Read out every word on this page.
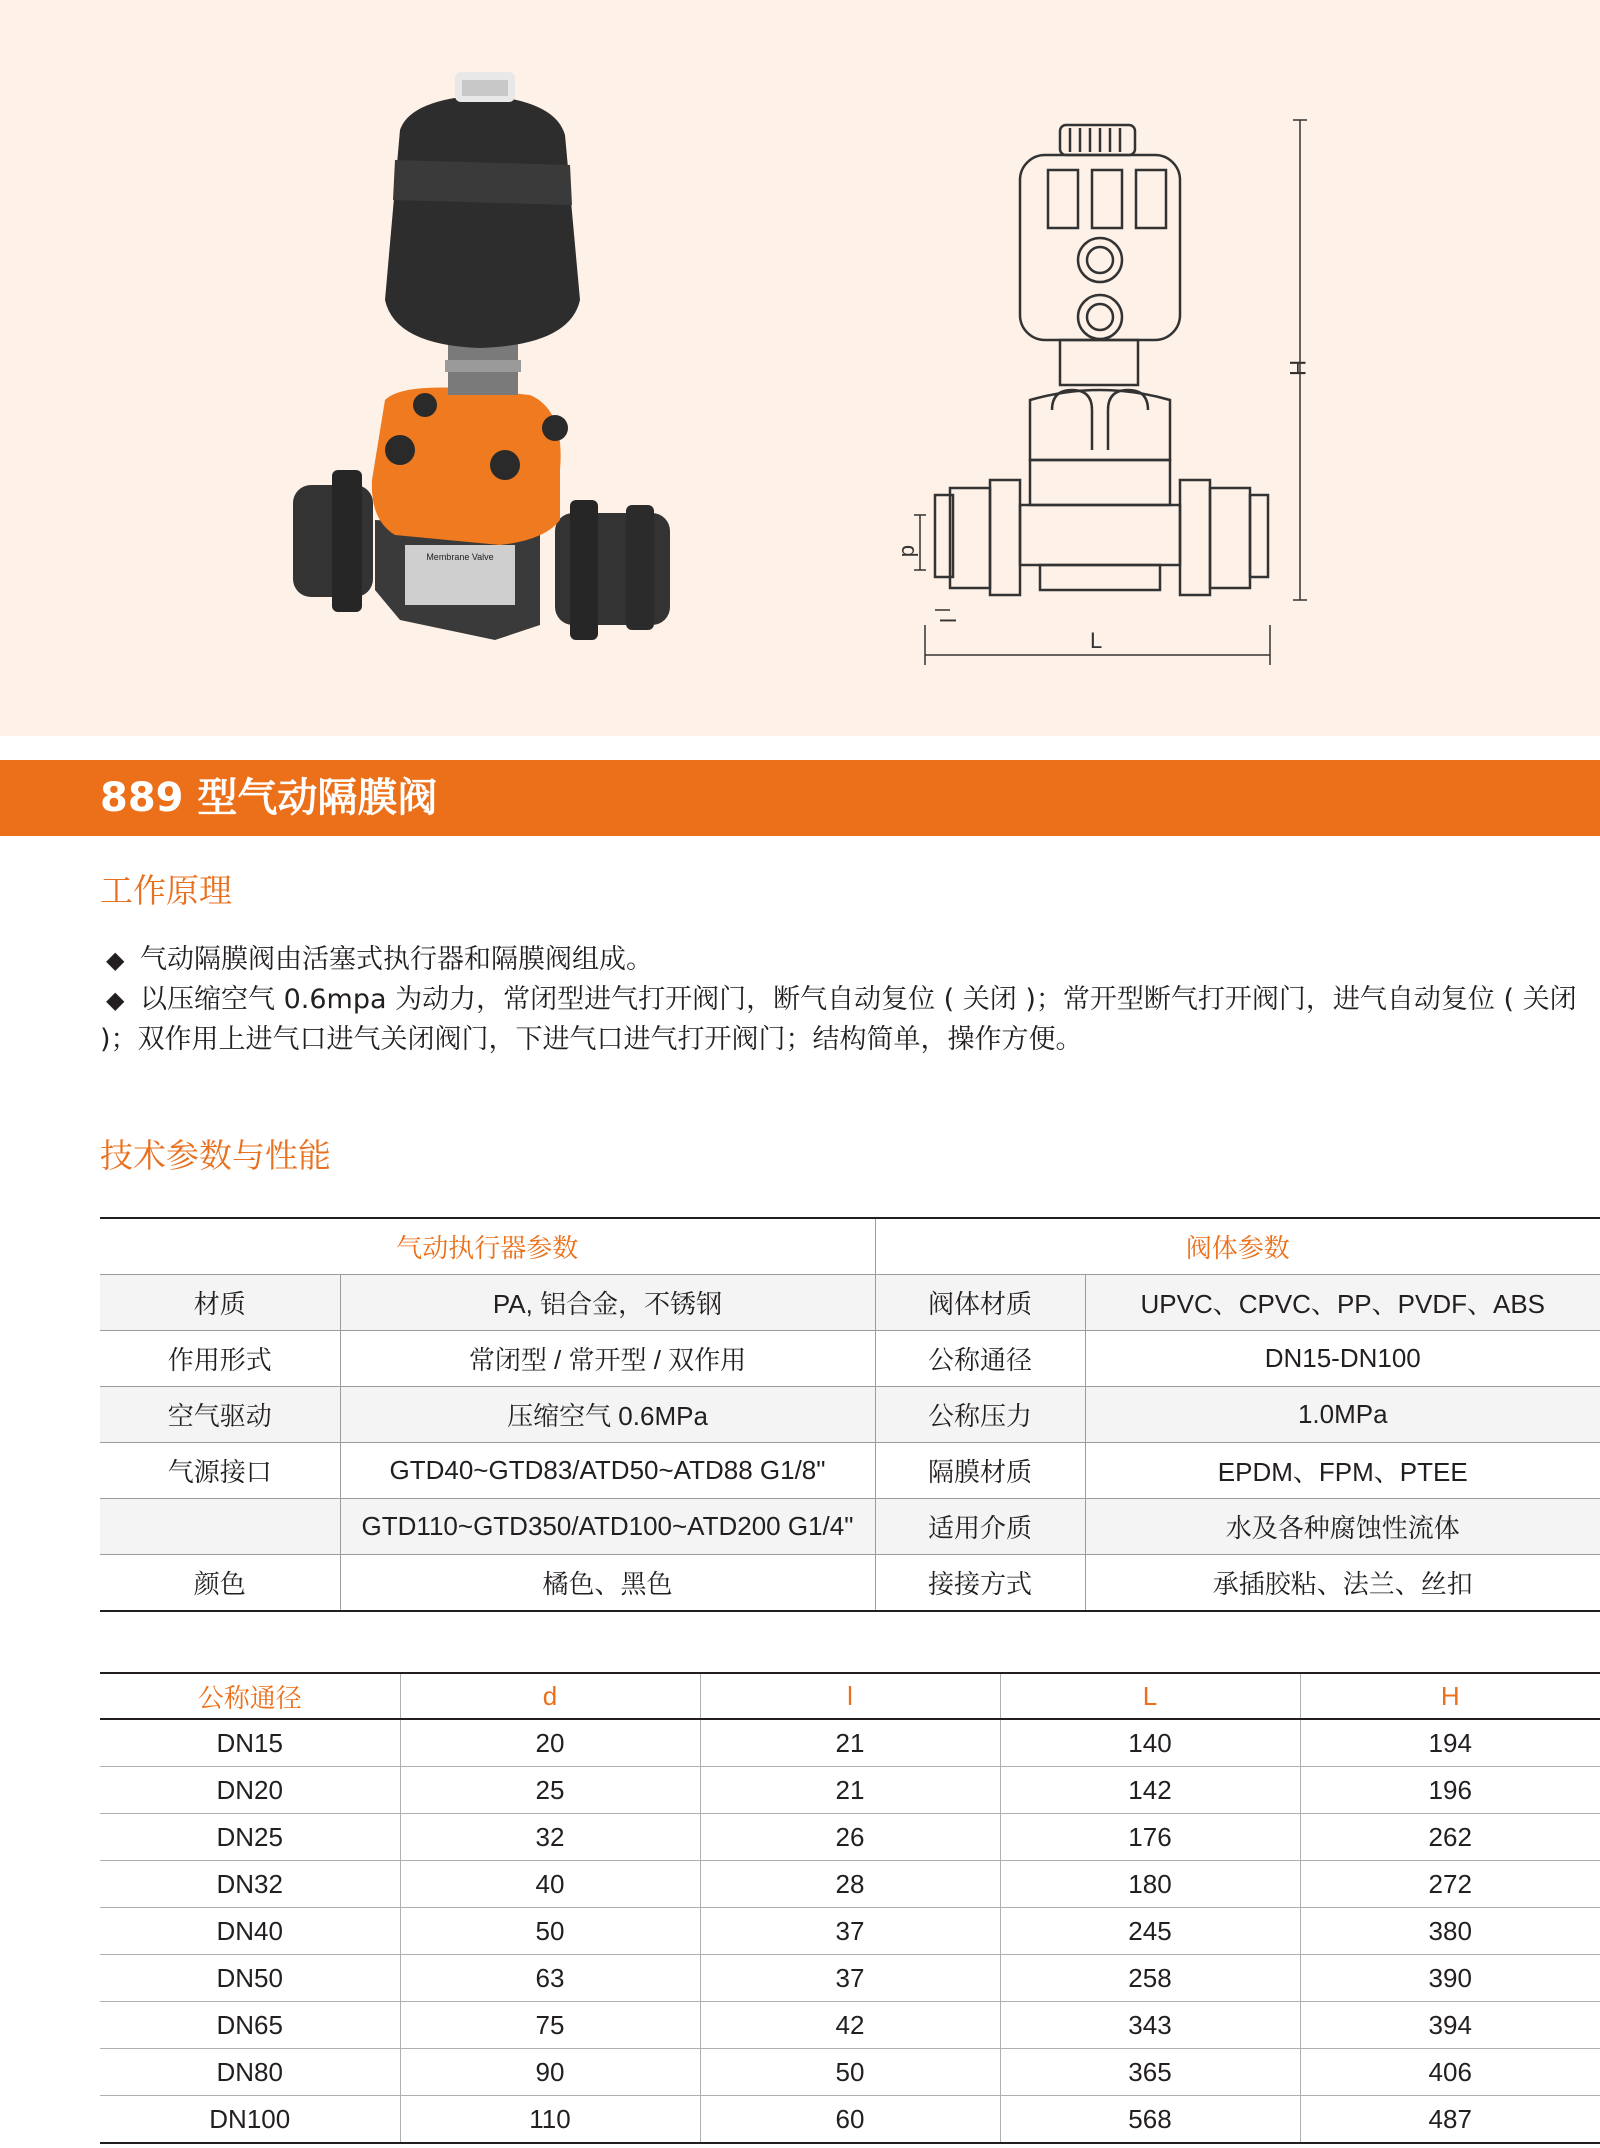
Membrane Valve
H
d
l
L
889 型气动隔膜阀
工作原理
◆ 气动隔膜阀由活塞式执行器和隔膜阀组成。
◆ 以压缩空气 0.6mpa 为动力，常闭型进气打开阀门，断气自动复位 ( 关闭 )；常开型断气打开阀门，进气自动复位 ( 关闭 )；双作用上进气口进气关闭阀门，下进气口进气打开阀门；结构简单，操作方便。
技术参数与性能
气动执行器参数		阀体参数	
材质	PA, 铝合金，不锈钢	阀体材质	UPVC、CPVC、PP、PVDF、ABS
作用形式	常闭型 / 常开型 / 双作用	公称通径	DN15-DN100
空气驱动	压缩空气 0.6MPa	公称压力	1.0MPa
气源接口	GTD40~GTD83/ATD50~ATD88 G1/8"	隔膜材质	EPDM、FPM、PTEE
	GTD110~GTD350/ATD100~ATD200 G1/4"	适用介质	水及各种腐蚀性流体
颜色	橘色、黑色	接接方式	承插胶粘、法兰、丝扣
公称通径	d	l	L	H
DN15	20	21	140	194
DN20	25	21	142	196
DN25	32	26	176	262
DN32	40	28	180	272
DN40	50	37	245	380
DN50	63	37	258	390
DN65	75	42	343	394
DN80	90	50	365	406
DN100	110	60	568	487
